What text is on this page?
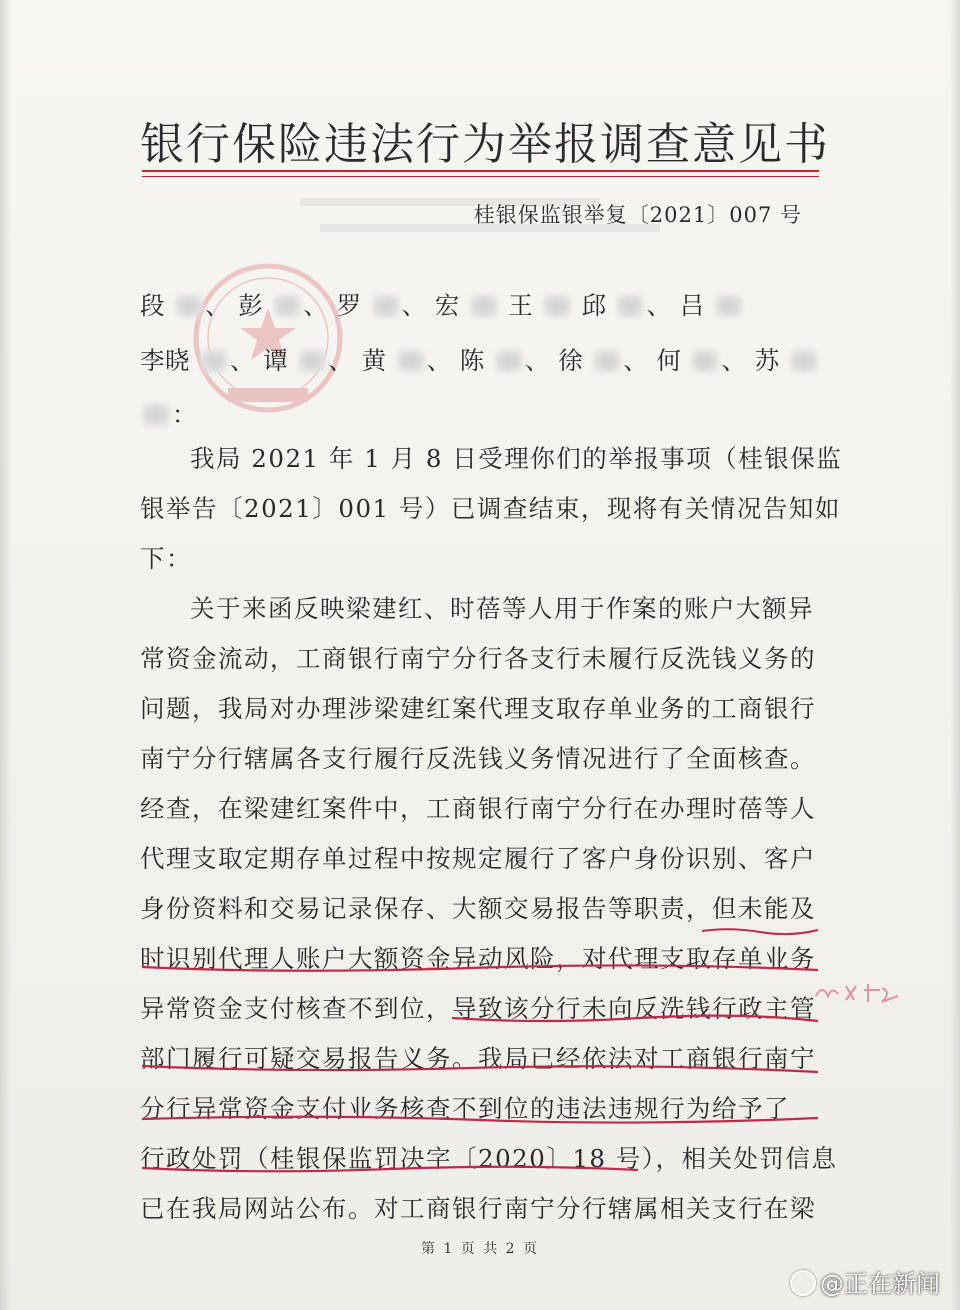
银行保险违法行为举报调查意见书
桂银保监银举复〔2021〕007 号
段 、 彭 、 罗 、 宏 王 邱 、 吕
李晓 、 谭 、 黄 、 陈 、 徐 、 何 、 苏
：
我局 2021 年 1 月 8 日受理你们的举报事项（桂银保监
银举告〔2021〕001 号）已调查结束，现将有关情况告知如
下：
关于来函反映梁建红、时蓓等人用于作案的账户大额异
常资金流动，工商银行南宁分行各支行未履行反洗钱义务的
问题，我局对办理涉梁建红案代理支取存单业务的工商银行
南宁分行辖属各支行履行反洗钱义务情况进行了全面核查。
经查，在梁建红案件中，工商银行南宁分行在办理时蓓等人
代理支取定期存单过程中按规定履行了客户身份识别、客户
身份资料和交易记录保存、大额交易报告等职责，但未能及
时识别代理人账户大额资金异动风险，对代理支取存单业务
异常资金支付核查不到位，导致该分行未向反洗钱行政主管
部门履行可疑交易报告义务。我局已经依法对工商银行南宁
分行异常资金支付业务核查不到位的违法违规行为给予了
行政处罚（桂银保监罚决字〔2020〕18 号），相关处罚信息
已在我局网站公布。对工商银行南宁分行辖属相关支行在梁
第 1 页 共 2 页
@正在新闻
